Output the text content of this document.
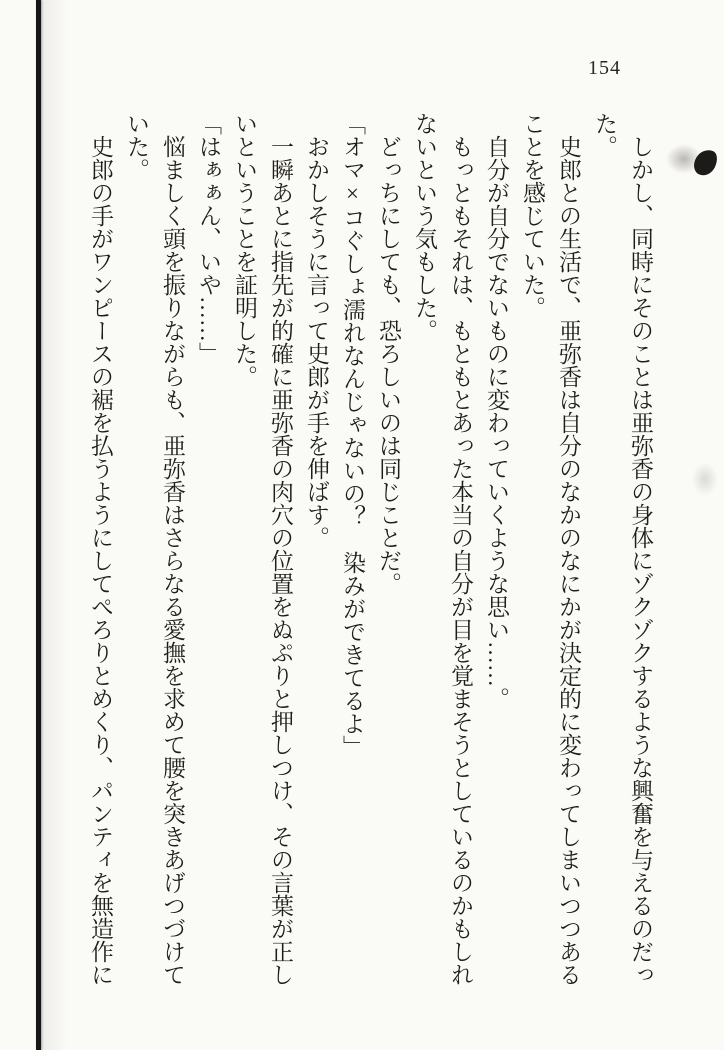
154
しかし、同時にそのことは亜弥香の身体にゾクゾクするような興奮を与えるのだっ
た。
史郎との生活で、亜弥香は自分のなかのなにかが決定的に変わってしまいつつある
ことを感じていた。
自分が自分でないものに変わっていくような思い……。
もっともそれは、もともとあった本当の自分が目を覚まそうとしているのかもしれ
ないという気もした。
どっちにしても、恐ろしいのは同じことだ。
「オマ×コぐしょ濡れなんじゃないの？　染みができてるよ」
おかしそうに言って史郎が手を伸ばす。
一瞬あとに指先が的確に亜弥香の肉穴の位置をぬぷりと押しつけ、その言葉が正し
いということを証明した。
「はぁぁん、いや……」
悩ましく頭を振りながらも、亜弥香はさらなる愛撫を求めて腰を突きあげつづけて
いた。
史郎の手がワンピースの裾を払うようにしてぺろりとめくり、パンティを無造作に
